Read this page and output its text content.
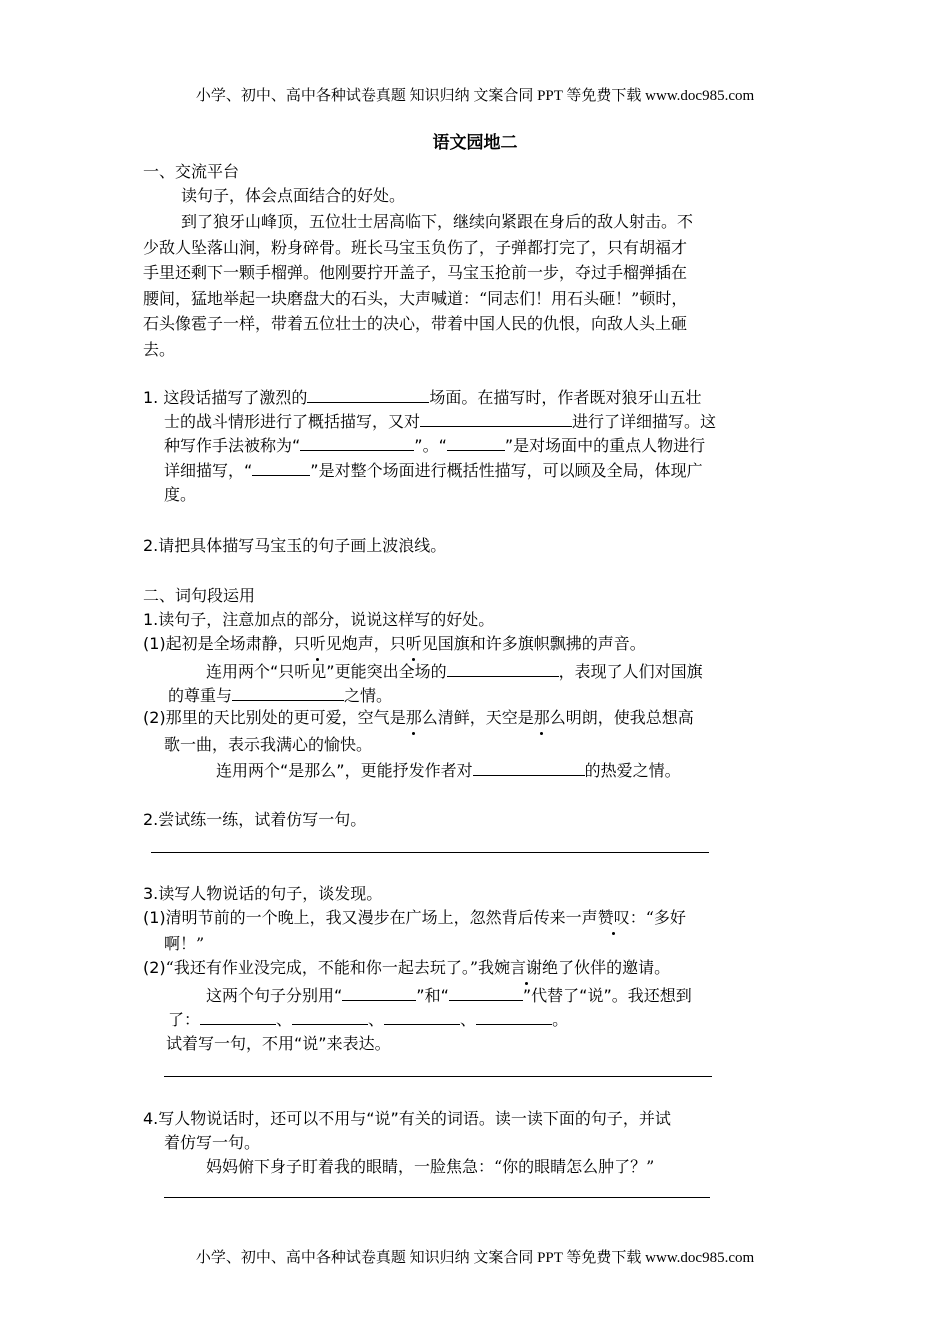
小学、初中、高中各种试卷真题 知识归纳 文案合同 PPT 等免费下载 www.doc985.com
语文园地二
一、交流平台
读句子，体会点面结合的好处。
到了狼牙山峰顶，五位壮士居高临下，继续向紧跟在身后的敌人射击。不
少敌人坠落山涧，粉身碎骨。班长马宝玉负伤了，子弹都打完了，只有胡福才
手里还剩下一颗手榴弹。他刚要拧开盖子，马宝玉抢前一步，夺过手榴弹插在
腰间，猛地举起一块磨盘大的石头，大声喊道：“同志们！用石头砸！”顿时，
石头像雹子一样，带着五位壮士的决心，带着中国人民的仇恨，向敌人头上砸
去。
1. 这段话描写了激烈的	场面。在描写时，作者既对狼牙山五壮
士的战斗情形进行了概括描写，又对	进行了详细描写。这
种写作手法被称为“	”。“	”是对场面中的重点人物进行
详细描写，“	”是对整个场面进行概括性描写，可以顾及全局，体现广
度。
2.请把具体描写马宝玉的句子画上波浪线。
二、词句段运用
1.读句子，注意加点的部分，说说这样写的好处。
(1)起初是全场肃静，只听见炮声，只听见国旗和许多旗帜飘拂的声音。
连用两个“只听见”更能突出全场的	，表现了人们对国旗
的尊重与	之情。
(2)那里的天比别处的更可爱，空气是那么清鲜，天空是那么明朗，使我总想高
歌一曲，表示我满心的愉快。
连用两个“是那么”，更能抒发作者对	的热爱之情。
2.尝试练一练，试着仿写一句。
3.读写人物说话的句子，谈发现。
(1)清明节前的一个晚上，我又漫步在广场上，忽然背后传来一声赞叹：“多好
啊！”
(2)“我还有作业没完成，不能和你一起去玩了。”我婉言谢绝了伙伴的邀请。
这两个句子分别用“	”和“	”代替了“说”。我还想到
了：	、	、	、	。
试着写一句，不用“说”来表达。
4.写人物说话时，还可以不用与“说”有关的词语。读一读下面的句子，并试
着仿写一句。
妈妈俯下身子盯着我的眼睛，一脸焦急：“你的眼睛怎么肿了？”
小学、初中、高中各种试卷真题 知识归纳 文案合同 PPT 等免费下载 www.doc985.com
